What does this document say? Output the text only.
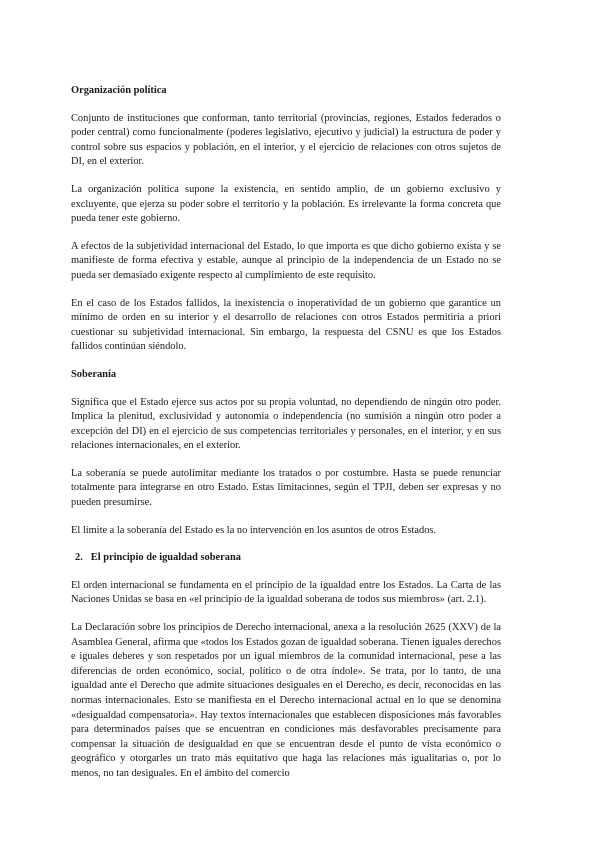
Organización política
Conjunto de instituciones que conforman, tanto territorial (provincias, regiones, Estados federados o poder central) como funcionalmente (poderes legislativo, ejecutivo y judicial) la estructura de poder y control sobre sus espacios y población, en el interior, y el ejercicio de relaciones con otros sujetos de DI, en el exterior.
La organización política supone la existencia, en sentido amplio, de un gobierno exclusivo y excluyente, que ejerza su poder sobre el territorio y la población. Es irrelevante la forma concreta que pueda tener este gobierno.
A efectos de la subjetividad internacional del Estado, lo que importa es que dicho gobierno exista y se manifieste de forma efectiva y estable, aunque al principio de la independencia de un Estado no se pueda ser demasiado exigente respecto al cumplimiento de este requisito.
En el caso de los Estados fallidos, la inexistencia o inoperatividad de un gobierno que garantice un mínimo de orden en su interior y el desarrollo de relaciones con otros Estados permitiría a priori cuestionar su subjetividad internacional. Sin embargo, la respuesta del CSNU es que los Estados fallidos continúan siéndolo.
Soberanía
Significa que el Estado ejerce sus actos por su propia voluntad, no dependiendo de ningún otro poder. Implica la plenitud, exclusividad y autonomía o independencia (no sumisión a ningún otro poder a excepción del DI) en el ejercicio de sus competencias territoriales y personales, en el interior, y en sus relaciones internacionales, en el exterior.
La soberanía se puede autolimitar mediante los tratados o por costumbre. Hasta se puede renunciar totalmente para integrarse en otro Estado. Estas limitaciones, según el TPJI, deben ser expresas y no pueden presumirse.
El límite a la soberanía del Estado es la no intervención en los asuntos de otros Estados.
2. El principio de igualdad soberana
El orden internacional se fundamenta en el principio de la igualdad entre los Estados. La Carta de las Naciones Unidas se basa en «el principio de la igualdad soberana de todos sus miembros» (art. 2.1).
La Declaración sobre los principios de Derecho internacional, anexa a la resolución 2625 (XXV) de la Asamblea General, afirma que «todos los Estados gozan de igualdad soberana. Tienen iguales derechos e iguales deberes y son respetados por un igual miembros de la comunidad internacional, pese a las diferencias de orden económico, social, político o de otra índole». Se trata, por lo tanto, de una igualdad ante el Derecho que admite situaciones desiguales en el Derecho, es decir, reconocidas en las normas internacionales. Esto se manifiesta en el Derecho internacional actual en lo que se denomina «desigualdad compensatoria». Hay textos internacionales que establecen disposiciones más favorables para determinados países que se encuentran en condiciones más desfavorables precisamente para compensar la situación de desigualdad en que se encuentran desde el punto de vista económico o geográfico y otorgarles un trato más equitativo que haga las relaciones más igualitarias o, por lo menos, no tan desiguales. En el ámbito del comercio
